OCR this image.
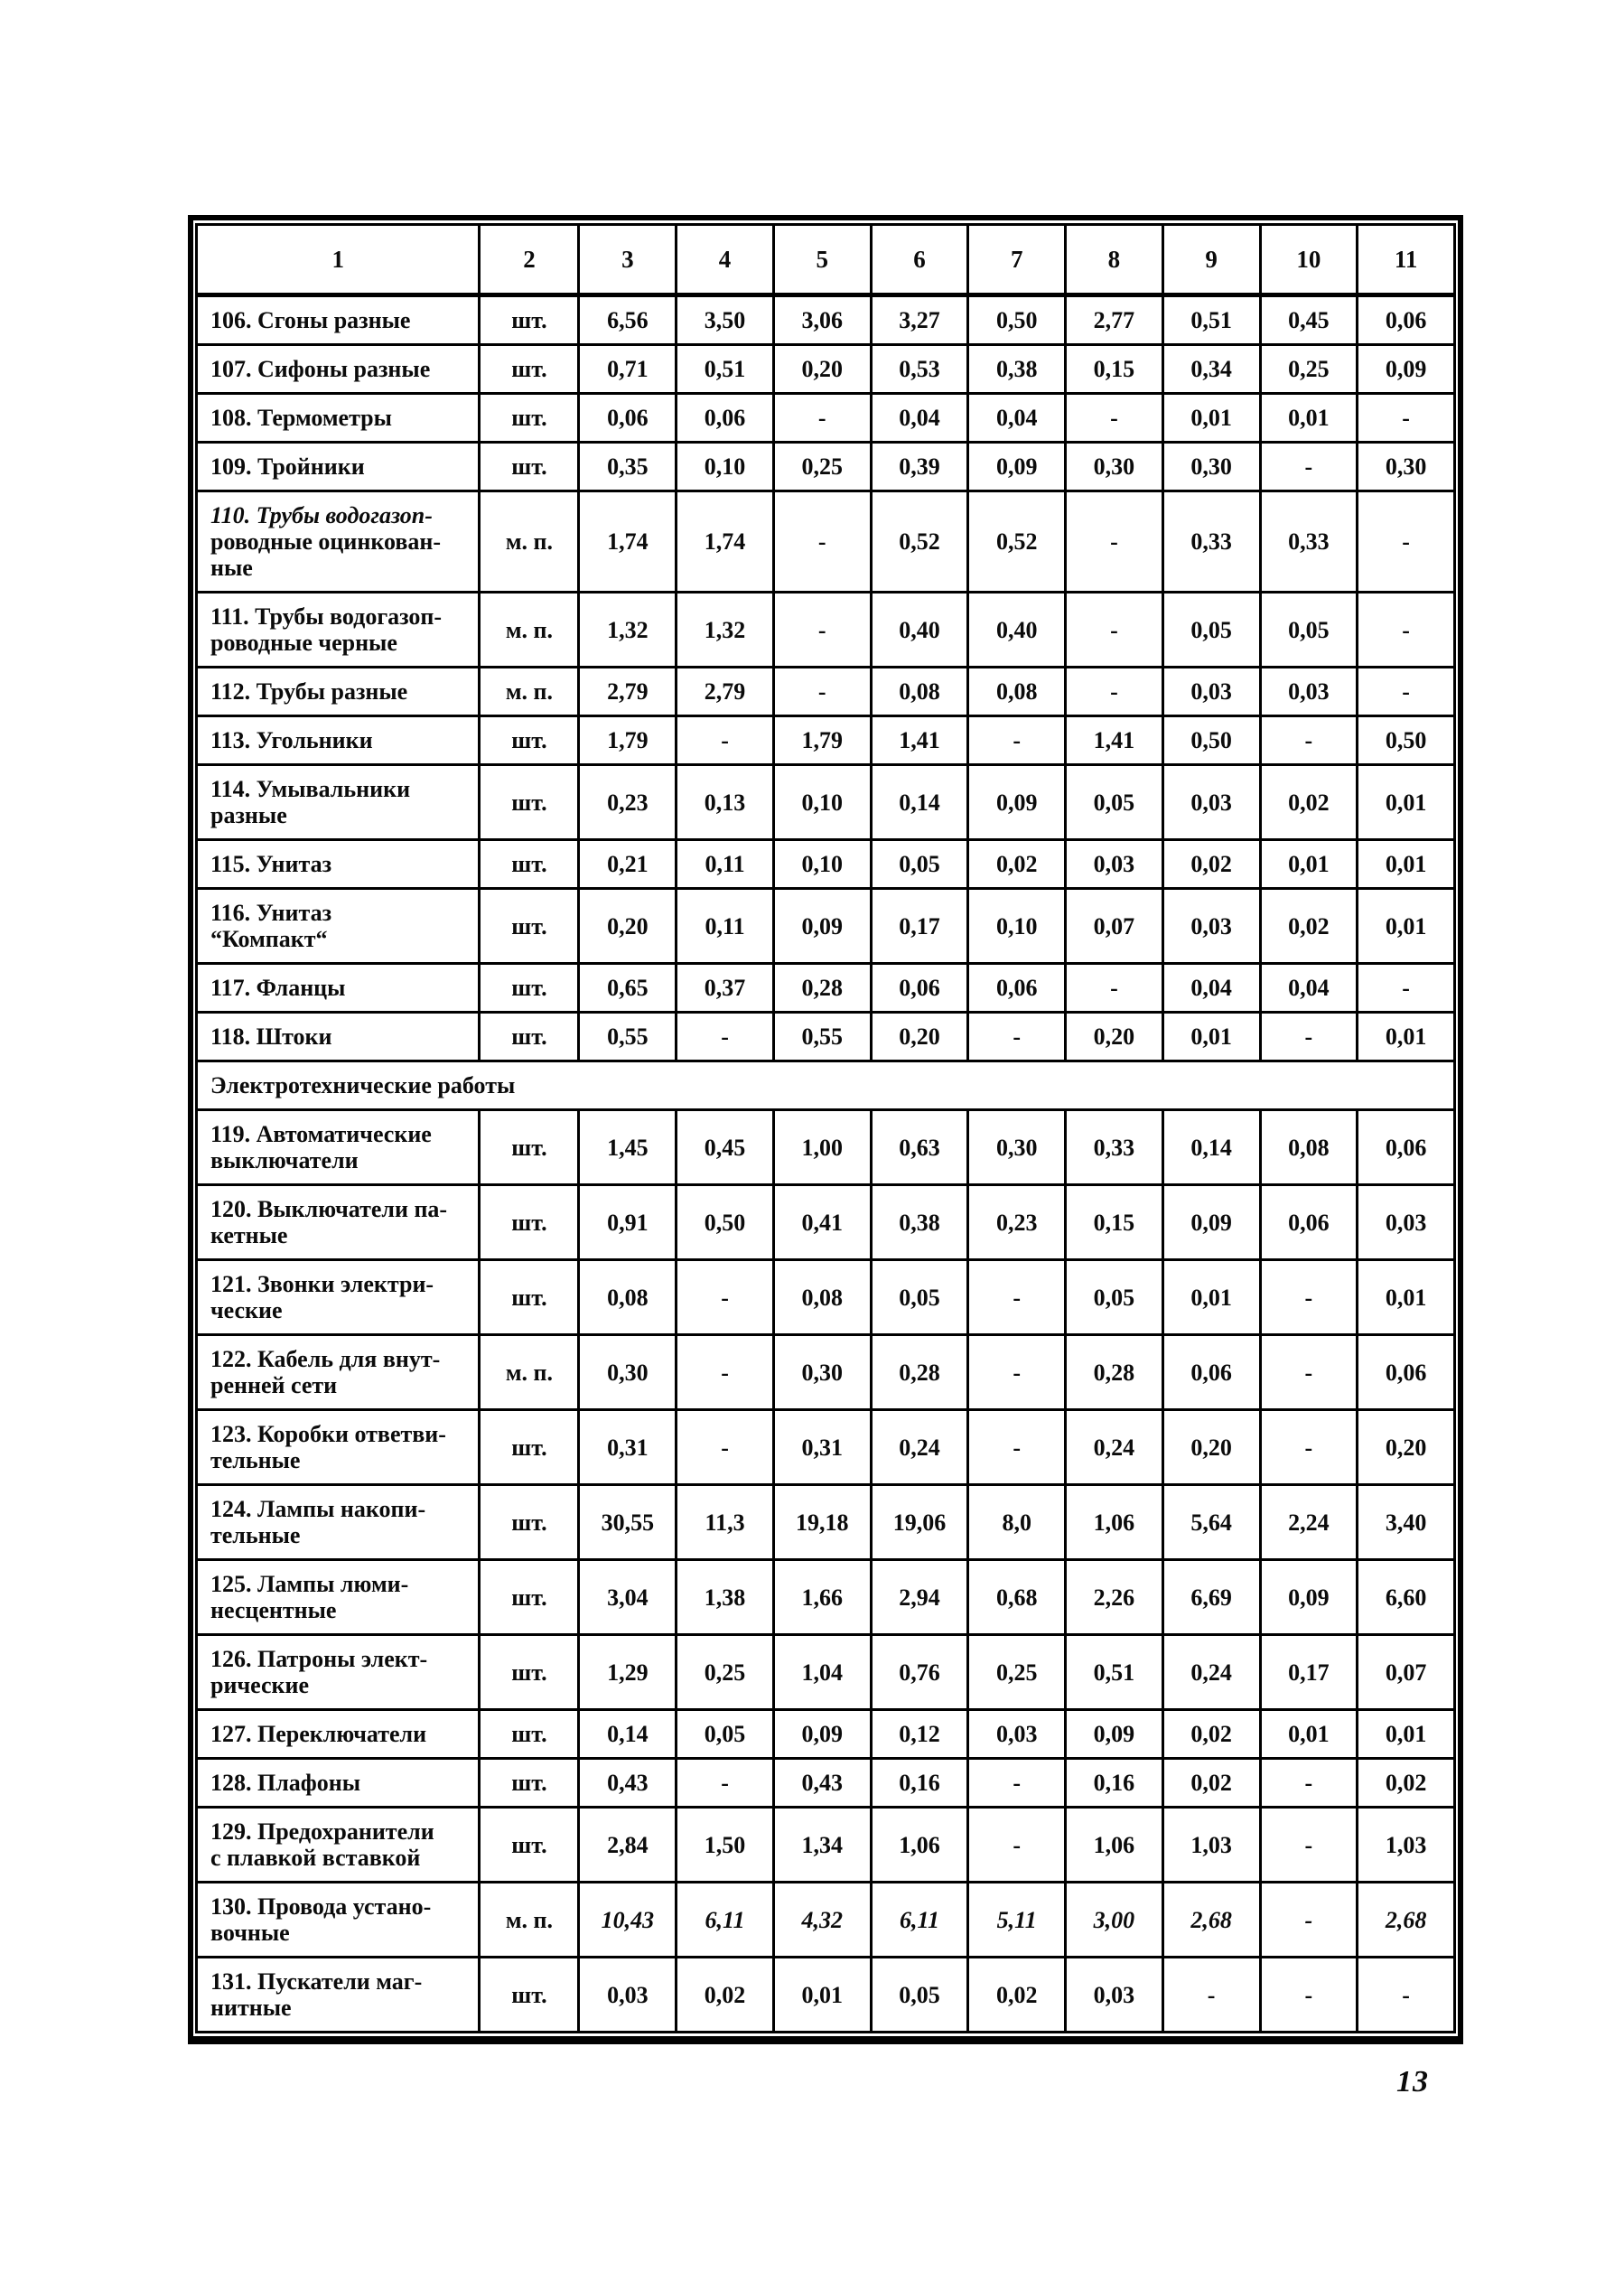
1	2	3	4	5	6	7	8	9	10	11
106. Сгоны разные	шт.	6,56	3,50	3,06	3,27	0,50	2,77	0,51	0,45	0,06
107. Сифоны разные	шт.	0,71	0,51	0,20	0,53	0,38	0,15	0,34	0,25	0,09
108. Термометры	шт.	0,06	0,06	-	0,04	0,04	-	0,01	0,01	-
109. Тройники	шт.	0,35	0,10	0,25	0,39	0,09	0,30	0,30	-	0,30
110. Трубы водогазоп-
роводные оцинкован-
ные	м. п.	1,74	1,74	-	0,52	0,52	-	0,33	0,33	-
111. Трубы водогазоп-
роводные черные	м. п.	1,32	1,32	-	0,40	0,40	-	0,05	0,05	-
112. Трубы разные	м. п.	2,79	2,79	-	0,08	0,08	-	0,03	0,03	-
113. Угольники	шт.	1,79	-	1,79	1,41	-	1,41	0,50	-	0,50
114. Умывальники
разные	шт.	0,23	0,13	0,10	0,14	0,09	0,05	0,03	0,02	0,01
115. Унитаз	шт.	0,21	0,11	0,10	0,05	0,02	0,03	0,02	0,01	0,01
116. Унитаз
“Компакт“	шт.	0,20	0,11	0,09	0,17	0,10	0,07	0,03	0,02	0,01
117. Фланцы	шт.	0,65	0,37	0,28	0,06	0,06	-	0,04	0,04	-
118. Штоки	шт.	0,55	-	0,55	0,20	-	0,20	0,01	-	0,01
Электротехнические работы										
119. Автоматические
выключатели	шт.	1,45	0,45	1,00	0,63	0,30	0,33	0,14	0,08	0,06
120. Выключатели па-
кетные	шт.	0,91	0,50	0,41	0,38	0,23	0,15	0,09	0,06	0,03
121. Звонки электри-
ческие	шт.	0,08	-	0,08	0,05	-	0,05	0,01	-	0,01
122. Кабель для внут-
ренней сети	м. п.	0,30	-	0,30	0,28	-	0,28	0,06	-	0,06
123. Коробки ответви-
тельные	шт.	0,31	-	0,31	0,24	-	0,24	0,20	-	0,20
124. Лампы накопи-
тельные	шт.	30,55	11,3	19,18	19,06	8,0	1,06	5,64	2,24	3,40
125. Лампы люми-
несцентные	шт.	3,04	1,38	1,66	2,94	0,68	2,26	6,69	0,09	6,60
126. Патроны элект-
рические	шт.	1,29	0,25	1,04	0,76	0,25	0,51	0,24	0,17	0,07
127. Переключатели	шт.	0,14	0,05	0,09	0,12	0,03	0,09	0,02	0,01	0,01
128. Плафоны	шт.	0,43	-	0,43	0,16	-	0,16	0,02	-	0,02
129. Предохранители
с плавкой вставкой	шт.	2,84	1,50	1,34	1,06	-	1,06	1,03	-	1,03
130. Провода устано-
вочные	м. п.	10,43	6,11	4,32	6,11	5,11	3,00	2,68	-	2,68
131. Пускатели маг-
нитные	шт.	0,03	0,02	0,01	0,05	0,02	0,03	-	-	-
13
